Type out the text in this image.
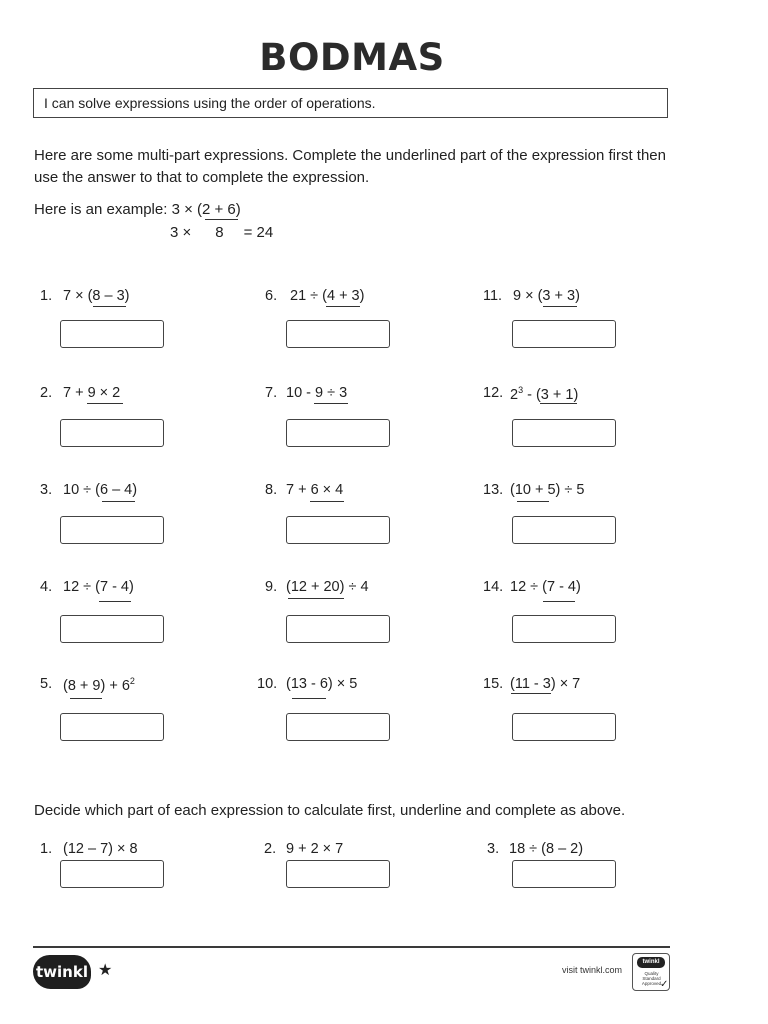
BODMAS
I can solve expressions using the order of operations.
Here are some multi-part expressions. Complete the underlined part of the expression first then use the answer to that to complete the expression.
Here is an example: 3 × (2 + 6)
3 × 8 = 24
1. 7 × (8 – 3)
2. 7 + 9 × 2
3. 10 ÷ (6 – 4)
4. 12 ÷ (7 - 4)
5. $(8 + 9) + 6^2$
6. 21 ÷ (4 + 3)
7. 10 - 9 ÷ 3
8. 7 + 6 × 4
9. (12 + 20) ÷ 4
10. (13 - 6) × 5
11. 9 × (3 + 3)
12. $2^3 - (3 + 1)$
13. (10 + 5) ÷ 5
14. 12 ÷ (7 - 4)
15. (11 - 3) × 7
Decide which part of each expression to calculate first, underline and complete as above.
1. (12 – 7) × 8	2. 9 + 2 × 7	3. 18 ÷ (8 – 2)
twinkl ★	visit twinkl.com
twinkl
Quality Standard Approved
✓
